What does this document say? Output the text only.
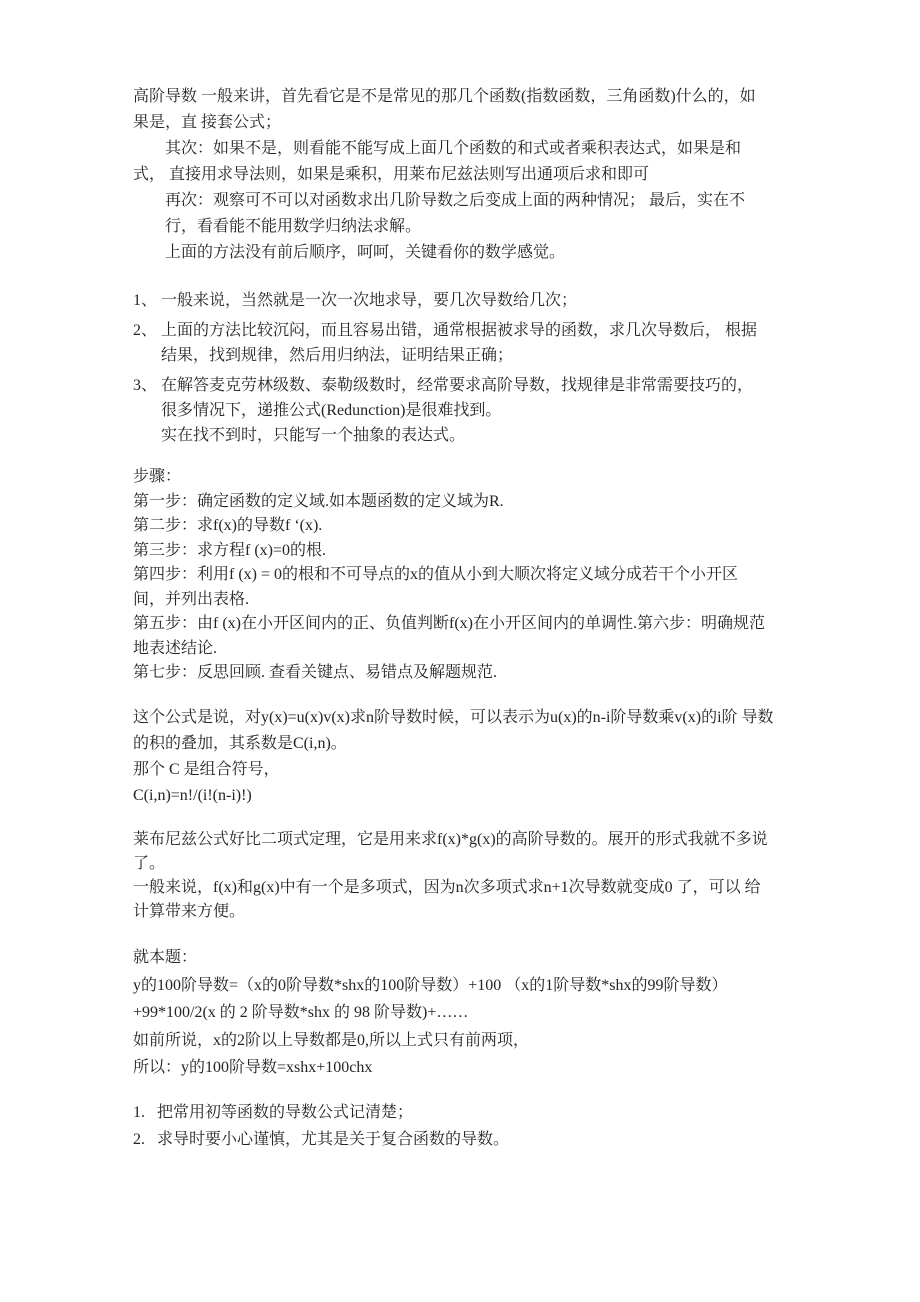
高阶导数 一般来讲，首先看它是不是常见的那几个函数(指数函数，三角函数)什么的，如
果是，直 接套公式；
其次：如果不是，则看能不能写成上面几个函数的和式或者乘积表达式，如果是和
式， 直接用求导法则，如果是乘积，用莱布尼兹法则写出通项后求和即可
再次：观察可不可以对函数求出几阶导数之后变成上面的两种情况； 最后，实在不
行，看看能不能用数学归纳法求解。
上面的方法没有前后顺序，呵呵，关键看你的数学感觉。
1、 一般来说，当然就是一次一次地求导，要几次导数给几次；
2、 上面的方法比较沉闷，而且容易出错，通常根据被求导的函数，求几次导数后， 根据
结果，找到规律，然后用归纳法，证明结果正确；
3、 在解答麦克劳林级数、泰勒级数时，经常要求高阶导数，找规律是非常需要技巧的，
很多情况下，递推公式(Redunction)是很难找到。
实在找不到时，只能写一个抽象的表达式。
步骤：
第一步：确定函数的定义域.如本题函数的定义域为R.
第二步：求f(x)的导数f ‘(x).
第三步：求方程f (x)=0的根.
第四步：利用f (x) = 0的根和不可导点的x的值从小到大顺次将定义域分成若干个小开区
间，并列出表格.
第五步：由f (x)在小开区间内的正、负值判断f(x)在小开区间内的单调性.第六步：明确规范
地表述结论.
第七步：反思回顾. 查看关键点、易错点及解题规范.
这个公式是说，对y(x)=u(x)v(x)求n阶导数时候，可以表示为u(x)的n-i阶导数乘v(x)的i阶 导数
的积的叠加，其系数是C(i,n)。
那个 C 是组合符号，
C(i,n)=n!/(i!(n-i)!)
莱布尼兹公式好比二项式定理，它是用来求f(x)*g(x)的高阶导数的。展开的形式我就不多说
了。
一般来说，f(x)和g(x)中有一个是多项式，因为n次多项式求n+1次导数就变成0 了，可以 给
计算带来方便。
就本题：
y的100阶导数=（x的0阶导数*shx的100阶导数）+100 （x的1阶导数*shx的99阶导数）
+99*100/2(x 的 2 阶导数*shx 的 98 阶导数)+……
如前所说，x的2阶以上导数都是0,所以上式只有前两项，
所以：y的100阶导数=xshx+100chx
1. 把常用初等函数的导数公式记清楚；
2. 求导时要小心谨慎，尤其是关于复合函数的导数。
